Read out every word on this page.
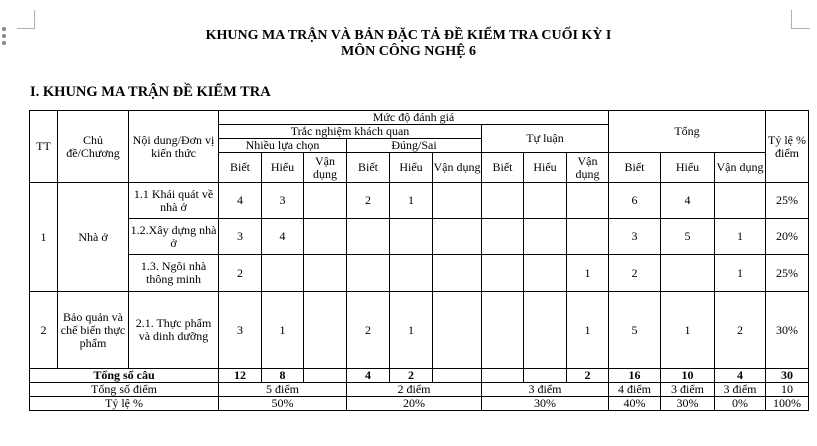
KHUNG MA TRẬN VÀ BẢN ĐẶC TẢ ĐỀ KIỂM TRA CUỐI KỲ I
MÔN CÔNG NGHỆ 6
I. KHUNG MA TRẬN ĐỀ KIỂM TRA
TT	Chủ đề/Chương	Nội dung/Đơn vị kiến thức	Mức độ đánh giá									Tổng			Tỷ lệ % điểm
			Trắc nghiệm khách quan						Tự luận						
			Nhiều lựa chọn			Đúng/Sai									
			Biết	Hiểu	Vận dụng	Biết	Hiểu	Vận dụng	Biết	Hiểu	Vận dụng	Biết	Hiểu	Vận dụng	
1	Nhà ở	1.1 Khái quát về nhà ở	4	3		2	1					6	4		25%
		1.2.Xây dựng nhà ở	3	4								3	5	1	20%
		1.3. Ngôi nhà thông minh	2								1	2		1	25%
2	Bảo quản và chế biến thực phẩm	2.1. Thực phẩm và dinh dưỡng	3	1		2	1				1	5	1	2	30%
Tổng số câu			12	8		4	2				2	16	10	4	30
Tổng số điểm			5 điểm			2 điểm			3 điểm			4 điểm	3 điểm	3 điểm	10
Tỷ lệ %			50%			20%			30%			40%	30%	0%	100%
